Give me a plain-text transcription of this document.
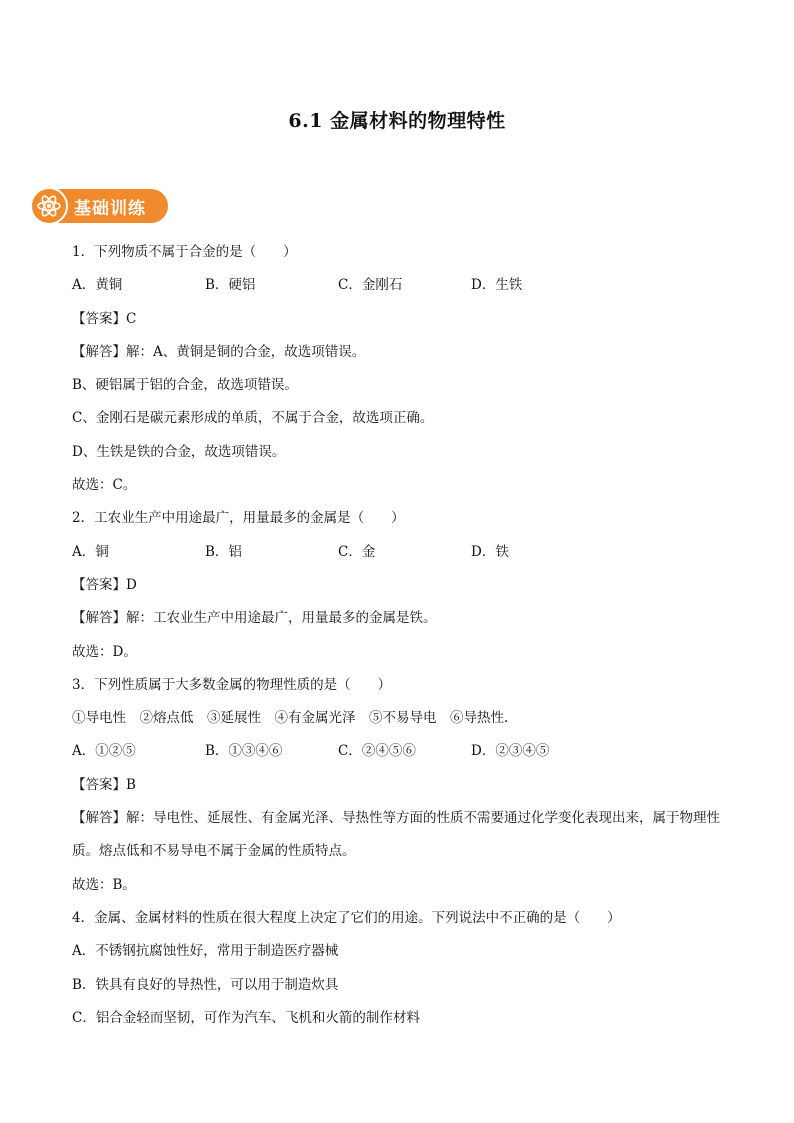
6.1 金属材料的物理特性
基础训练
1．下列物质不属于合金的是（　　）
A．黄铜	B．硬铝	C．金刚石	D．生铁
【答案】C
【解答】解：A、黄铜是铜的合金，故选项错误。
B、硬铝属于铝的合金，故选项错误。
C、金刚石是碳元素形成的单质，不属于合金，故选项正确。
D、生铁是铁的合金，故选项错误。
故选：C。
2．工农业生产中用途最广，用量最多的金属是（　　）
A．铜	B．铝	C．金	D．铁
【答案】D
【解答】解：工农业生产中用途最广，用量最多的金属是铁。
故选：D。
3．下列性质属于大多数金属的物理性质的是（　　）
①导电性　②熔点低　③延展性　④有金属光泽　⑤不易导电　⑥导热性.
A．①②⑤	B．①③④⑥	C．②④⑤⑥	D．②③④⑤
【答案】B
【解答】解：导电性、延展性、有金属光泽、导热性等方面的性质不需要通过化学变化表现出来，属于物理性质。熔点低和不易导电不属于金属的性质特点。
故选：B。
4．金属、金属材料的性质在很大程度上决定了它们的用途。下列说法中不正确的是（　　）
A．不锈钢抗腐蚀性好，常用于制造医疗器械
B．铁具有良好的导热性，可以用于制造炊具
C．铝合金轻而坚韧，可作为汽车、飞机和火箭的制作材料
